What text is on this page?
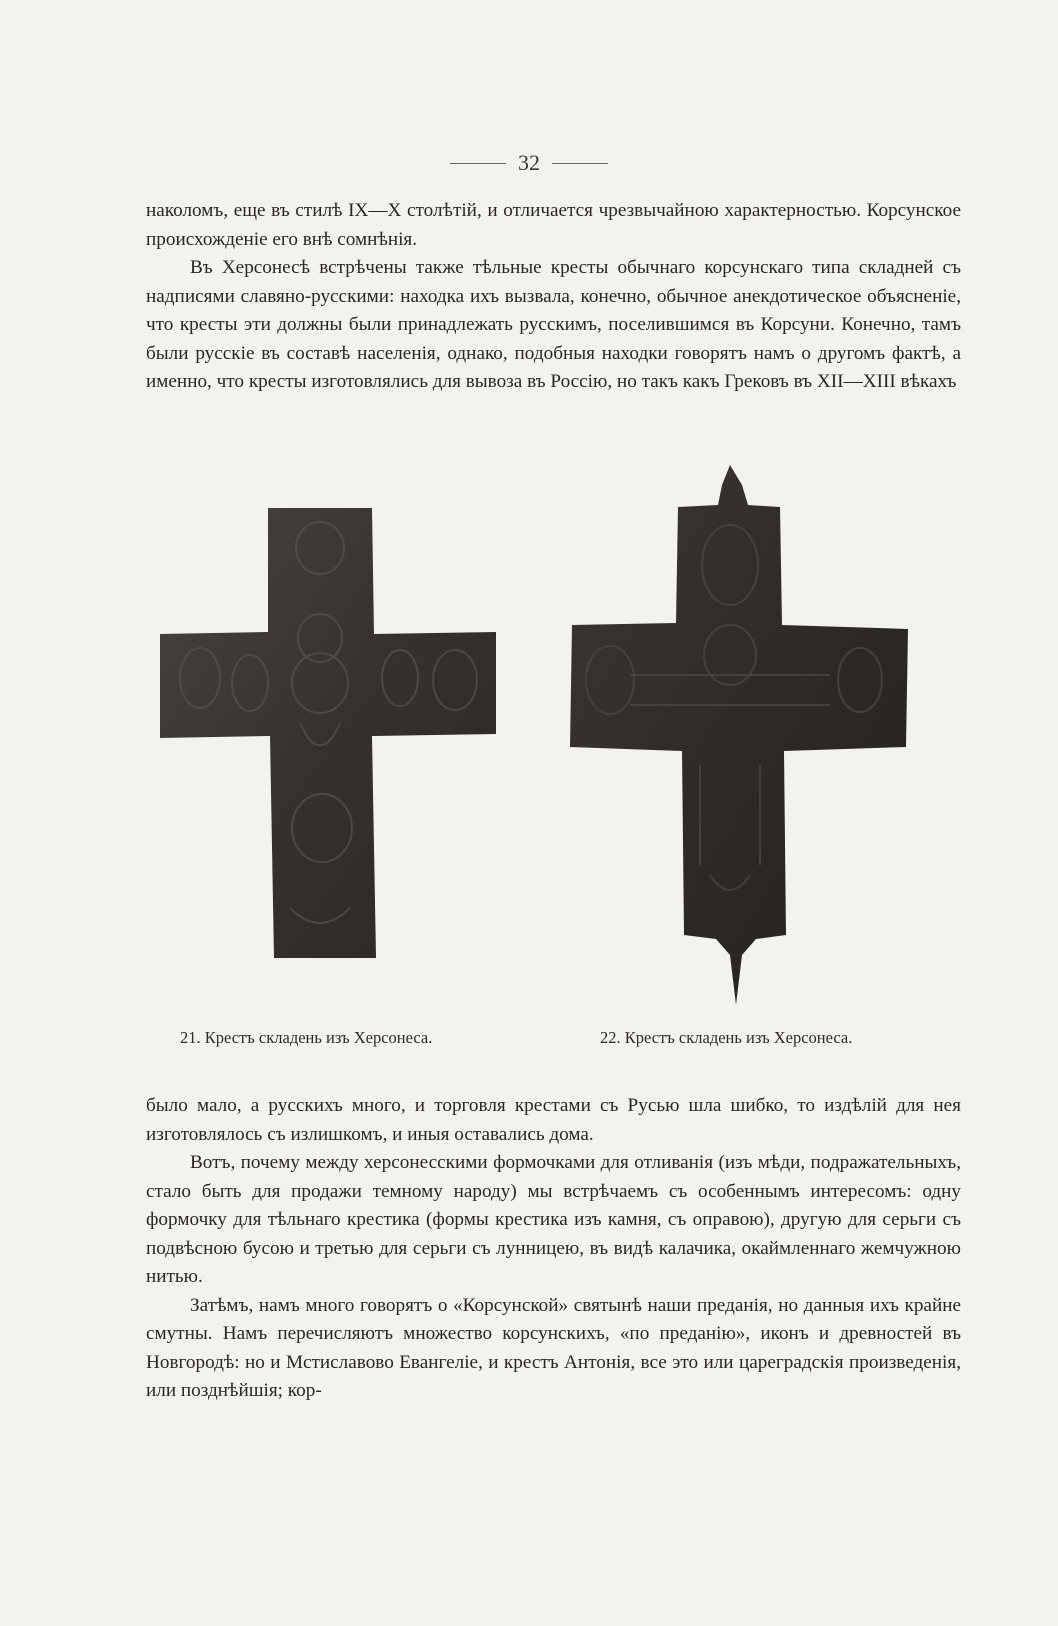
32

наколомъ, еще въ стилѣ IX—X столѣтій, и отличается чрезвычайною характерностью. Корсунское происхожденіе его внѣ сомнѣнія.

Въ Херсонесѣ встрѣчены также тѣльные кресты обычнаго корсунскаго типа складней съ надписями славяно-русскими: находка ихъ вызвала, конечно, обычное анекдотическое объясненіе, что кресты эти должны были принадлежать русскимъ, поселившимся въ Корсуни. Конечно, тамъ были русскіе въ составѣ населенія, однако, подобныя находки говорятъ намъ о другомъ фактѣ, а именно, что кресты изготовлялись для вывоза въ Россію, но такъ какъ Грековъ въ XII—XIII вѣкахъ

21. Крестъ складень изъ Херсонеса.	22. Крестъ складень изъ Херсонеса.

было мало, а русскихъ много, и торговля крестами съ Русью шла шибко, то издѣлій для нея изготовлялось съ излишкомъ, и иныя оставались дома.

Вотъ, почему между херсонесскими формочками для отливанія (изъ мѣди, подражательныхъ, стало быть для продажи темному народу) мы встрѣчаемъ съ особеннымъ интересомъ: одну формочку для тѣльнаго крестика (формы крестика изъ камня, съ оправою), другую для серьги съ подвѣсною бусою и третью для серьги съ лунницею, въ видѣ калачика, окаймленнаго жемчужною нитью.

Затѣмъ, намъ много говорятъ о «Корсунской» святынѣ наши преданія, но данныя ихъ крайне смутны. Намъ перечисляютъ множество корсунскихъ, «по преданію», иконъ и древностей въ Новгородѣ: но и Мстиславово Евангеліе, и крестъ Антонія, все это или цареградскія произведенія, или позднѣйшія; кор-
